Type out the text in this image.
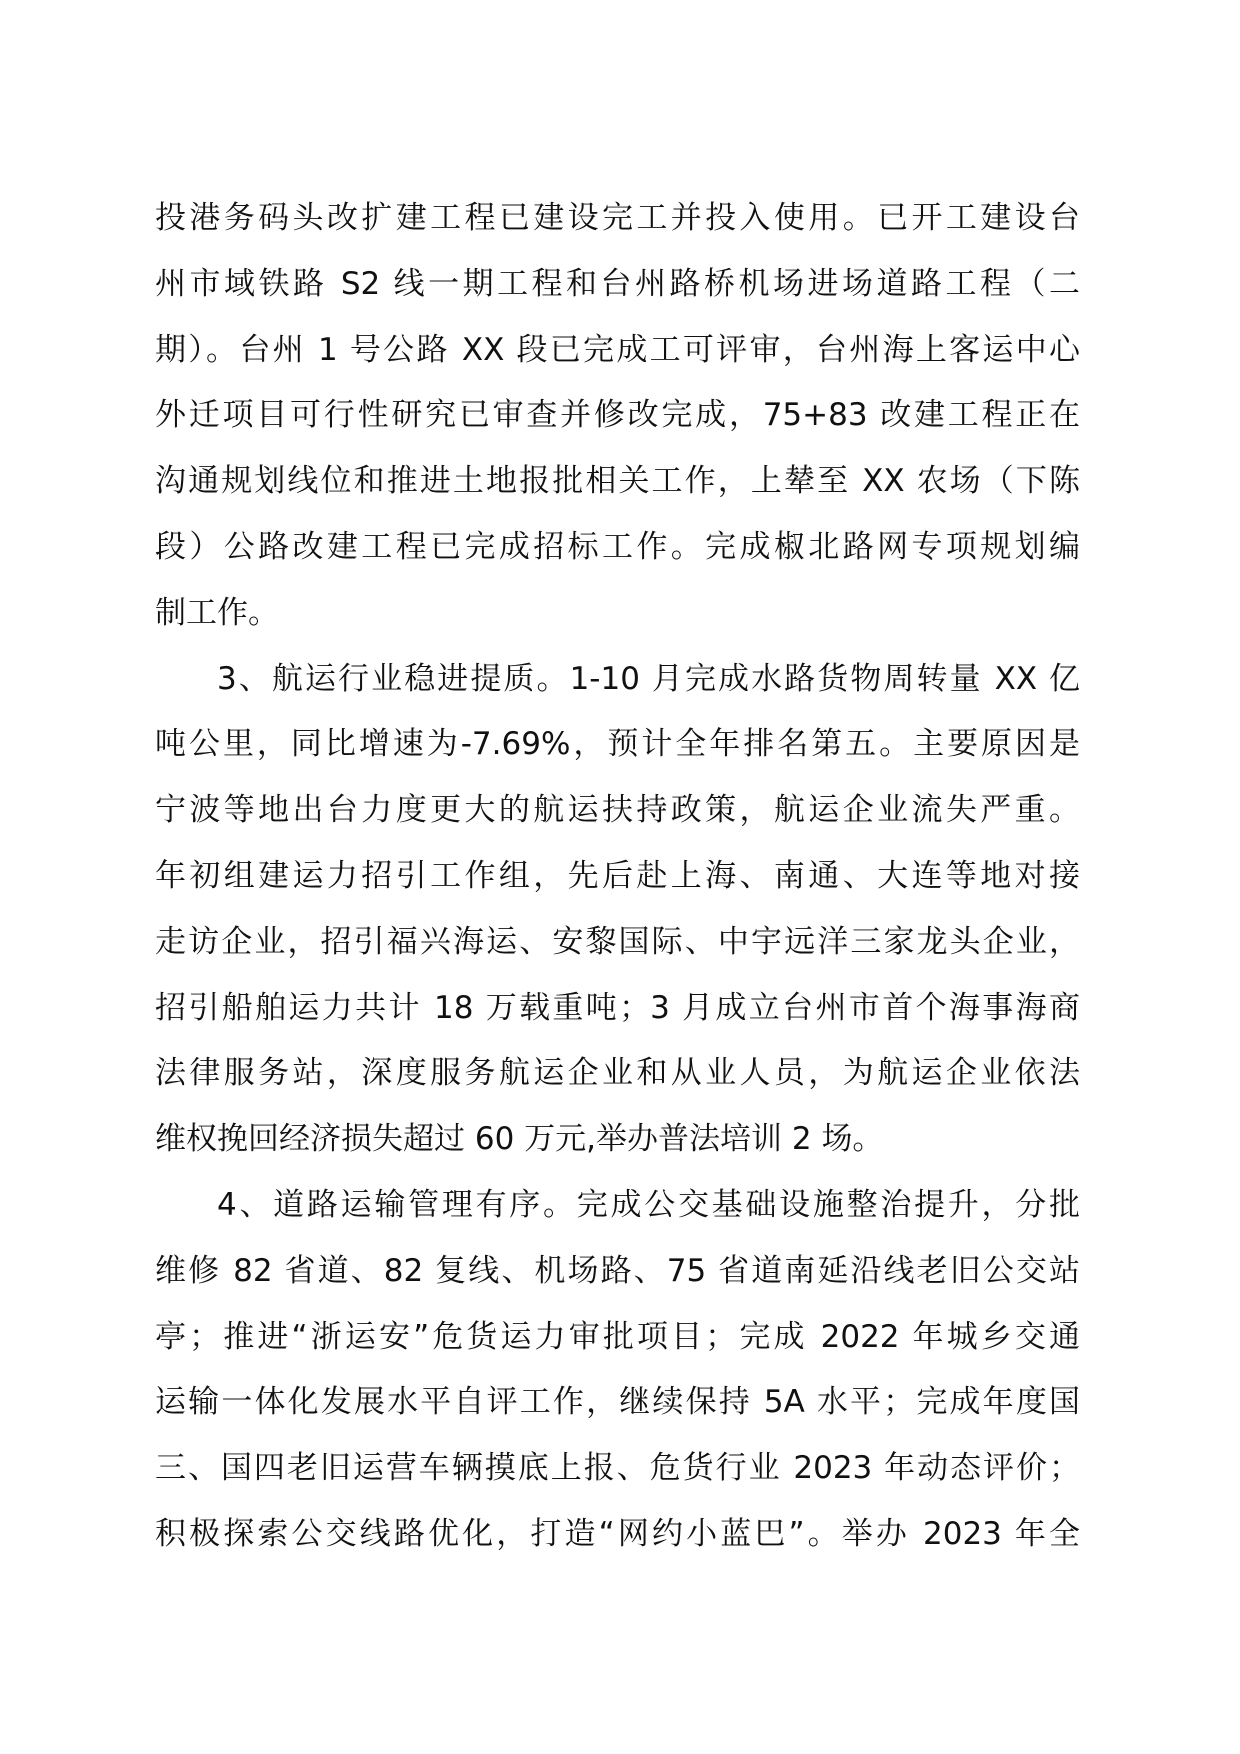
投港务码头改扩建工程已建设完工并投入使用。已开工建设台
州市域铁路 S2 线一期工程和台州路桥机场进场道路工程（二
期）。台州 1 号公路 XX 段已完成工可评审，台州海上客运中心
外迁项目可行性研究已审查并修改完成，75+83 改建工程正在
沟通规划线位和推进土地报批相关工作，上辇至 XX 农场（下陈
段）公路改建工程已完成招标工作。完成椒北路网专项规划编
制工作。
3、航运行业稳进提质。1-10 月完成水路货物周转量 XX 亿
吨公里，同比增速为-7.69%，预计全年排名第五。主要原因是
宁波等地出台力度更大的航运扶持政策，航运企业流失严重。
年初组建运力招引工作组，先后赴上海、南通、大连等地对接
走访企业，招引福兴海运、安黎国际、中宇远洋三家龙头企业，
招引船舶运力共计 18 万载重吨；3 月成立台州市首个海事海商
法律服务站，深度服务航运企业和从业人员，为航运企业依法
维权挽回经济损失超过 60 万元,举办普法培训 2 场。
4、道路运输管理有序。完成公交基础设施整治提升，分批
维修 82 省道、82 复线、机场路、75 省道南延沿线老旧公交站
亭；推进“浙运安”危货运力审批项目；完成 2022 年城乡交通
运输一体化发展水平自评工作，继续保持 5A 水平；完成年度国
三、国四老旧运营车辆摸底上报、危货行业 2023 年动态评价；
积极探索公交线路优化，打造“网约小蓝巴”。举办 2023 年全
